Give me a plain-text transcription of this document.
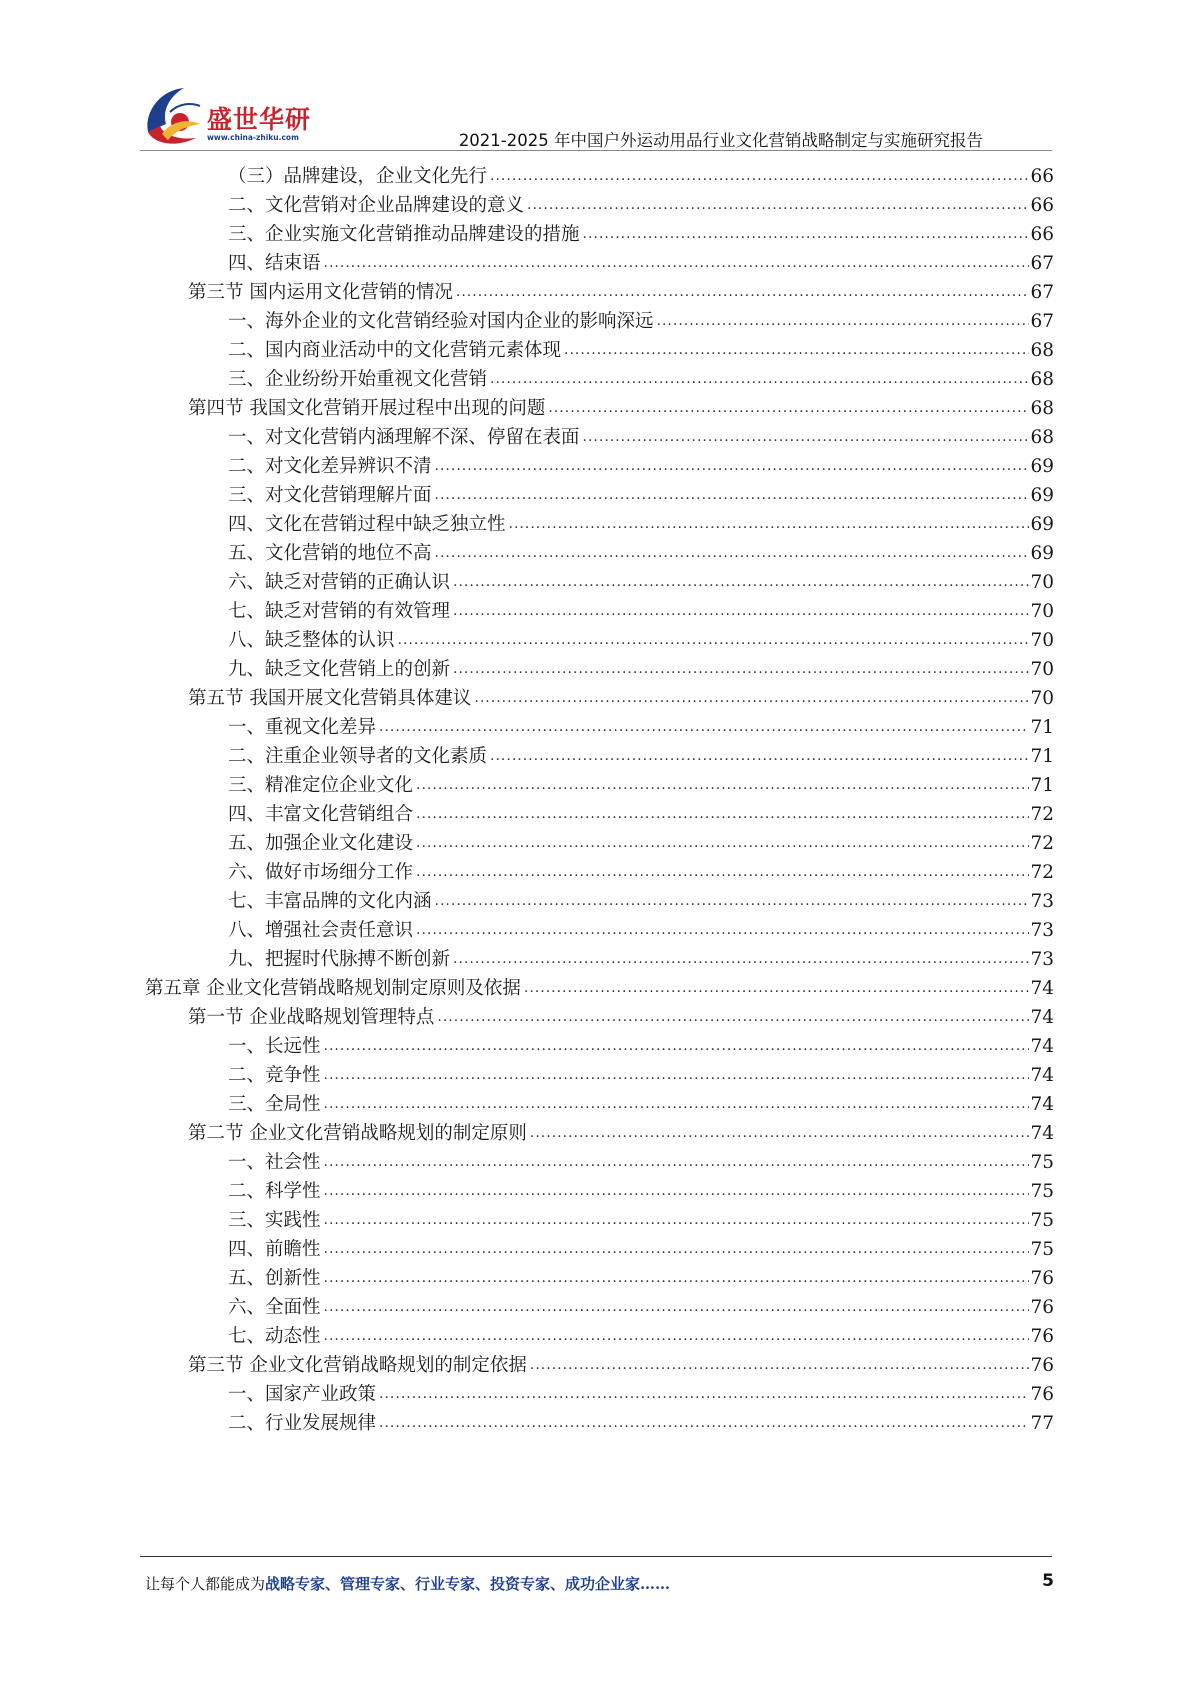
盛世华研
www.china-zhiku.com	2021-2025 年中国户外运动用品行业文化营销战略制定与实施研究报告
（三）品牌建设，企业文化先行 .....	66
二、文化营销对企业品牌建设的意义 .....	66
三、企业实施文化营销推动品牌建设的措施 .....	66
四、结束语 .....	67
第三节 国内运用文化营销的情况 .....	67
一、海外企业的文化营销经验对国内企业的影响深远 .....	67
二、国内商业活动中的文化营销元素体现 .....	68
三、企业纷纷开始重视文化营销 .....	68
第四节 我国文化营销开展过程中出现的问题 .....	68
一、对文化营销内涵理解不深、停留在表面 .....	68
二、对文化差异辨识不清 .....	69
三、对文化营销理解片面 .....	69
四、文化在营销过程中缺乏独立性 .....	69
五、文化营销的地位不高 .....	69
六、缺乏对营销的正确认识 .....	70
七、缺乏对营销的有效管理 .....	70
八、缺乏整体的认识 .....	70
九、缺乏文化营销上的创新 .....	70
第五节 我国开展文化营销具体建议 .....	70
一、重视文化差异 .....	71
二、注重企业领导者的文化素质 .....	71
三、精准定位企业文化 .....	71
四、丰富文化营销组合 .....	72
五、加强企业文化建设 .....	72
六、做好市场细分工作 .....	72
七、丰富品牌的文化内涵 .....	73
八、增强社会责任意识 .....	73
九、把握时代脉搏不断创新 .....	73
第五章 企业文化营销战略规划制定原则及依据 .....	74
第一节 企业战略规划管理特点 .....	74
一、长远性 .....	74
二、竞争性 .....	74
三、全局性 .....	74
第二节 企业文化营销战略规划的制定原则 .....	74
一、社会性 .....	75
二、科学性 .....	75
三、实践性 .....	75
四、前瞻性 .....	75
五、创新性 .....	76
六、全面性 .....	76
七、动态性 .....	76
第三节 企业文化营销战略规划的制定依据 .....	76
一、国家产业政策 .....	76
二、行业发展规律 .....	77
让每个人都能成为战略专家、管理专家、行业专家、投资专家、成功企业家……	5
